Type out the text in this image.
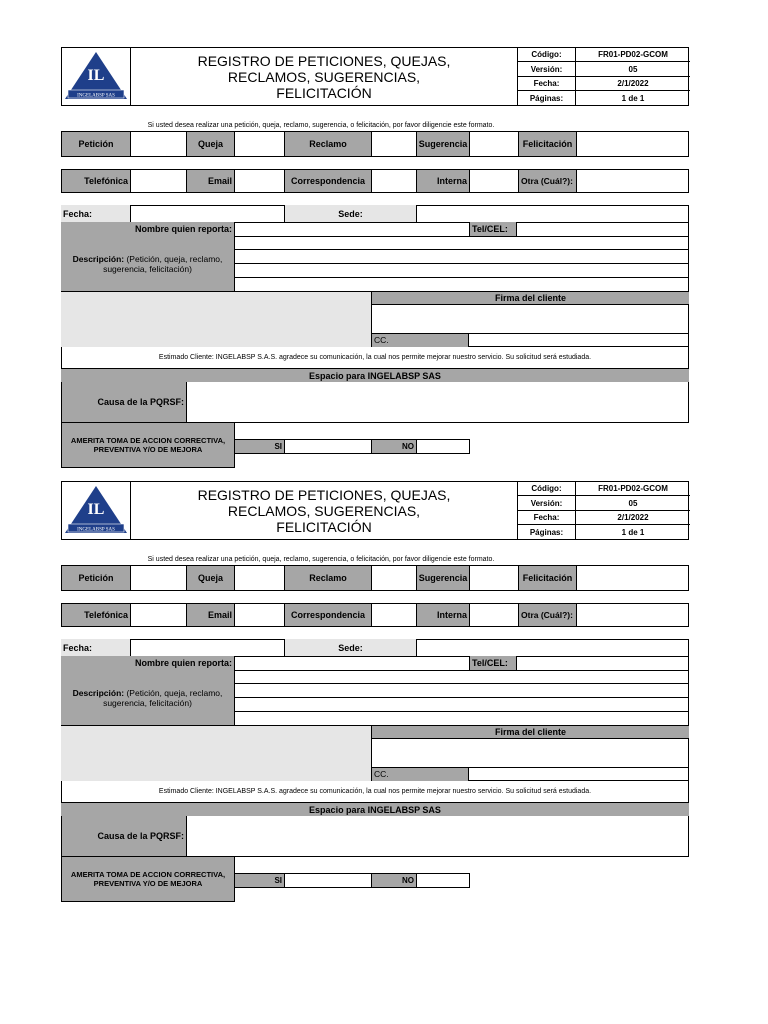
IL
INGELABSP SAS
REGISTRO DE PETICIONES, QUEJAS, RECLAMOS, SUGERENCIAS, FELICITACIÓN
Código:	FR01-PD02-GCOM
Versión:	05
Fecha:	2/1/2022
Páginas:	1 de 1
Si usted desea realizar una petición, queja, reclamo, sugerencia, o felicitación, por favor diligencie este formato.
Petición	Queja	Reclamo	Sugerencia	Felicitación
Telefónica	Email	Correspondencia	Interna	Otra (Cuál?):
Fecha:	Sede:
Nombre quien reporta:	Tel/CEL:
Descripción: (Petición, queja, reclamo, sugerencia, felicitación)
Firma del cliente
CC.
Estimado Cliente: INGELABSP S.A.S. agradece su comunicación, la cual nos permite mejorar nuestro servicio. Su solicitud será estudiada.
Espacio para INGELABSP SAS
Causa de la PQRSF:
AMERITA TOMA DE ACCION CORRECTIVA, PREVENTIVA Y/O DE MEJORA	SI	NO
IL
INGELABSP SAS
REGISTRO DE PETICIONES, QUEJAS, RECLAMOS, SUGERENCIAS, FELICITACIÓN
Código:	FR01-PD02-GCOM
Versión:	05
Fecha:	2/1/2022
Páginas:	1 de 1
Si usted desea realizar una petición, queja, reclamo, sugerencia, o felicitación, por favor diligencie este formato.
Petición	Queja	Reclamo	Sugerencia	Felicitación
Telefónica	Email	Correspondencia	Interna	Otra (Cuál?):
Fecha:	Sede:
Nombre quien reporta:	Tel/CEL:
Descripción: (Petición, queja, reclamo, sugerencia, felicitación)
Firma del cliente
CC.
Estimado Cliente: INGELABSP S.A.S. agradece su comunicación, la cual nos permite mejorar nuestro servicio. Su solicitud será estudiada.
Espacio para INGELABSP SAS
Causa de la PQRSF:
AMERITA TOMA DE ACCION CORRECTIVA, PREVENTIVA Y/O DE MEJORA	SI	NO
